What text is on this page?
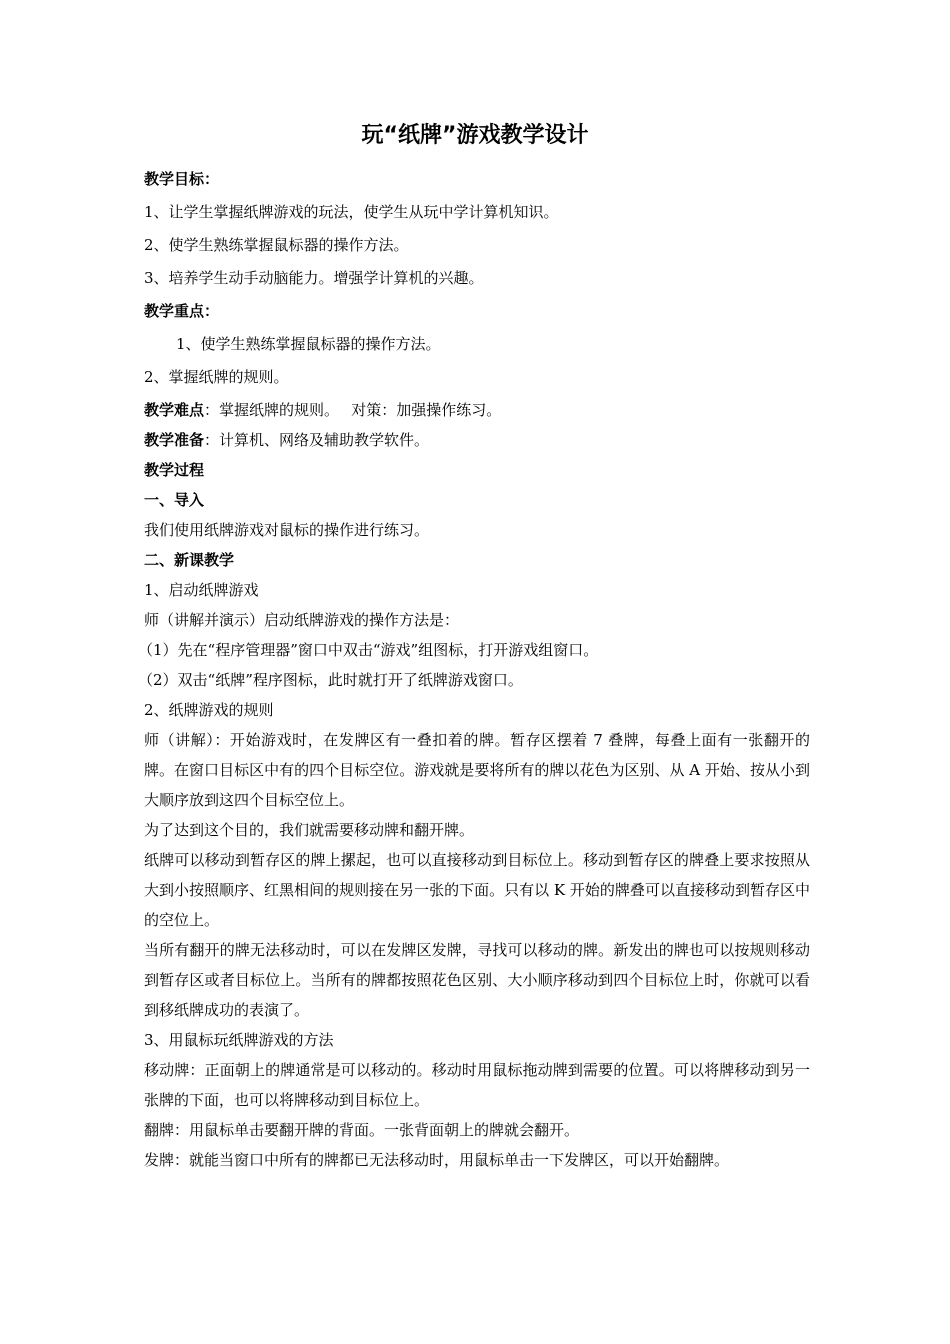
玩“纸牌”游戏教学设计

教学目标：

1、让学生掌握纸牌游戏的玩法，使学生从玩中学计算机知识。

2、使学生熟练掌握鼠标器的操作方法。

3、培养学生动手动脑能力。增强学计算机的兴趣。

教学重点：

1、使学生熟练掌握鼠标器的操作方法。

2、掌握纸牌的规则。

教学难点：掌握纸牌的规则。　 对策：加强操作练习。

教学准备：计算机、网络及辅助教学软件。

教学过程

一、导入

我们使用纸牌游戏对鼠标的操作进行练习。

二、新课教学

1、启动纸牌游戏

师（讲解并演示）启动纸牌游戏的操作方法是：

（1）先在“程序管理器”窗口中双击“游戏”组图标，打开游戏组窗口。

（2）双击“纸牌”程序图标，此时就打开了纸牌游戏窗口。

2、纸牌游戏的规则

师（讲解）：开始游戏时，在发牌区有一叠扣着的牌。暂存区摆着 7 叠牌，每叠上面有一张翻开的牌。在窗口目标区中有的四个目标空位。游戏就是要将所有的牌以花色为区别、从 A 开始、按从小到大顺序放到这四个目标空位上。

为了达到这个目的，我们就需要移动牌和翻开牌。

纸牌可以移动到暂存区的牌上摞起，也可以直接移动到目标位上。移动到暂存区的牌叠上要求按照从大到小按照顺序、红黑相间的规则接在另一张的下面。只有以 K 开始的牌叠可以直接移动到暂存区中的空位上。

当所有翻开的牌无法移动时，可以在发牌区发牌，寻找可以移动的牌。新发出的牌也可以按规则移动到暂存区或者目标位上。当所有的牌都按照花色区别、大小顺序移动到四个目标位上时，你就可以看到移纸牌成功的表演了。

3、用鼠标玩纸牌游戏的方法

移动牌：正面朝上的牌通常是可以移动的。移动时用鼠标拖动牌到需要的位置。可以将牌移动到另一张牌的下面，也可以将牌移动到目标位上。

翻牌：用鼠标单击要翻开牌的背面。一张背面朝上的牌就会翻开。

发牌：就能当窗口中所有的牌都已无法移动时，用鼠标单击一下发牌区，可以开始翻牌。
